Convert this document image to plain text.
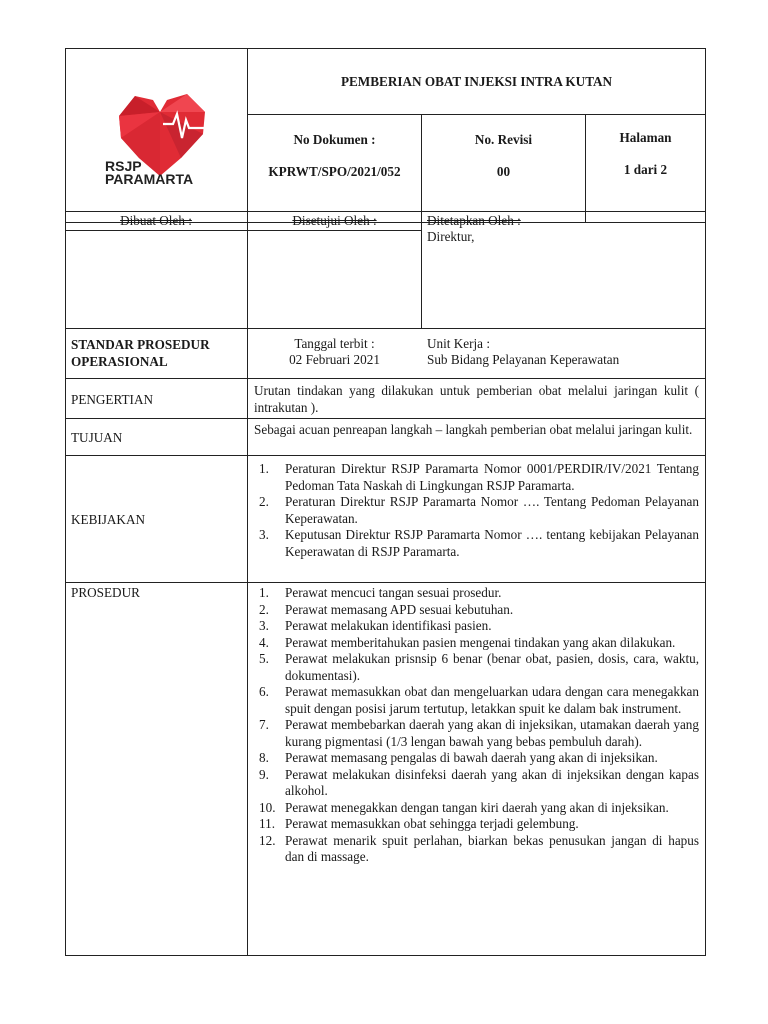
RSJP
PARAMARTA
PEMBERIAN OBAT INJEKSI INTRA KUTAN
No Dokumen :
KPRWT/SPO/2021/052
No. Revisi
00
Halaman
1 dari 2
Dibuat Oleh :	Disetujui Oleh :	Ditetapkan Oleh :
Direktur,
STANDAR PROSEDUR
OPERASIONAL
Tanggal terbit :
02 Februari 2021
Unit Kerja :
Sub Bidang Pelayanan Keperawatan
PENGERTIAN
Urutan tindakan yang dilakukan untuk pemberian obat melalui jaringan kulit ( intrakutan ).
TUJUAN
Sebagai acuan penreapan langkah – langkah pemberian obat melalui jaringan kulit.
KEBIJAKAN
1. Peraturan Direktur RSJP Paramarta Nomor 0001/PERDIR/IV/2021 Tentang Pedoman Tata Naskah di Lingkungan RSJP Paramarta.
2. Peraturan Direktur RSJP Paramarta Nomor …. Tentang Pedoman Pelayanan Keperawatan.
3. Keputusan Direktur RSJP Paramarta Nomor …. tentang kebijakan Pelayanan Keperawatan di RSJP Paramarta.
PROSEDUR	1. Perawat mencuci tangan sesuai prosedur.
2. Perawat memasang APD sesuai kebutuhan.
3. Perawat melakukan identifikasi pasien.
4. Perawat memberitahukan pasien mengenai tindakan yang akan dilakukan.
5. Perawat melakukan prisnsip 6 benar (benar obat, pasien, dosis, cara, waktu, dokumentasi).
6. Perawat memasukkan obat dan mengeluarkan udara dengan cara menegakkan spuit dengan posisi jarum tertutup, letakkan spuit ke dalam bak instrument.
7. Perawat membebarkan daerah yang akan di injeksikan, utamakan daerah yang kurang pigmentasi (1/3 lengan bawah yang bebas pembuluh darah).
8. Perawat memasang pengalas di bawah daerah yang akan di injeksikan.
9. Perawat melakukan disinfeksi daerah yang akan di injeksikan dengan kapas alkohol.
10. Perawat menegakkan dengan tangan kiri daerah yang akan di injeksikan.
11. Perawat memasukkan obat sehingga terjadi gelembung.
12. Perawat menarik spuit perlahan, biarkan bekas penusukan jangan di hapus dan di massage.
